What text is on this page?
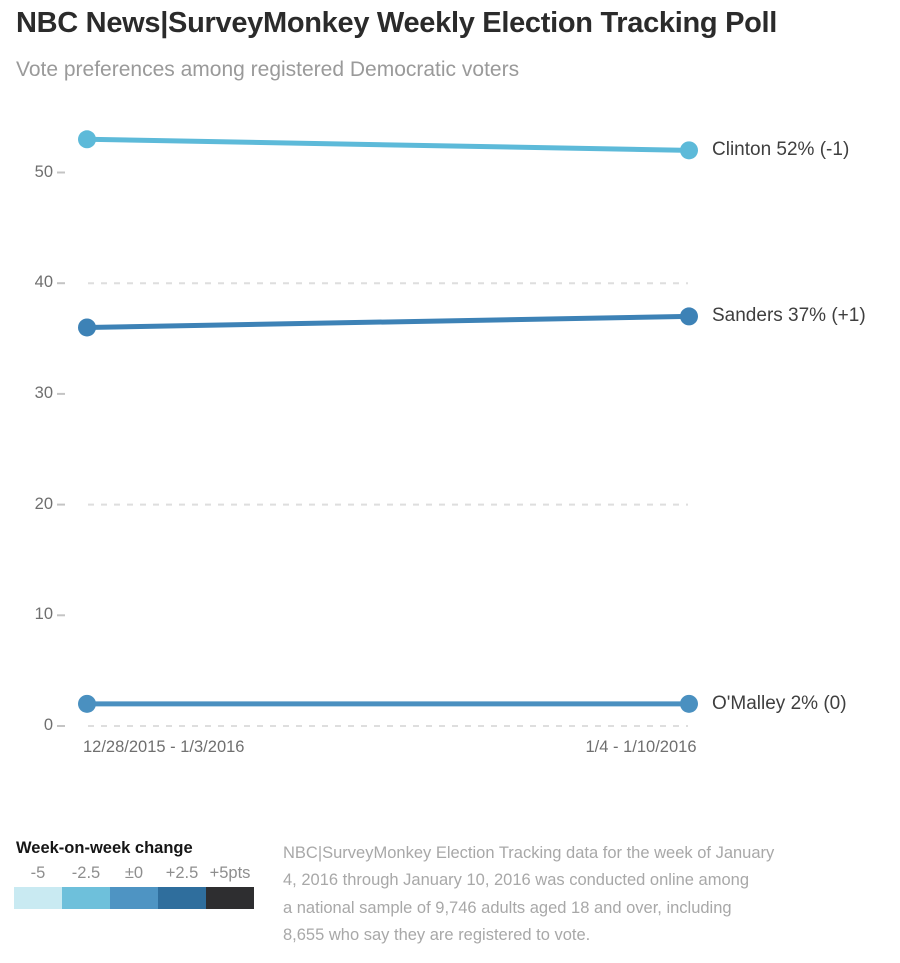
NBC News|SurveyMonkey Weekly Election Tracking Poll
Vote preferences among registered Democratic voters
0
10
20
30
40
50
Clinton 52% (-1)
Sanders 37% (+1)
O'Malley 2% (0)
12/28/2015 - 1/3/2016	1/4 - 1/10/2016
Week-on-week change
-5	-2.5	±0	+2.5 +5pts
NBC|SurveyMonkey Election Tracking data for the week of January
4, 2016 through January 10, 2016 was conducted online among
a national sample of 9,746 adults aged 18 and over, including
8,655 who say they are registered to vote.
